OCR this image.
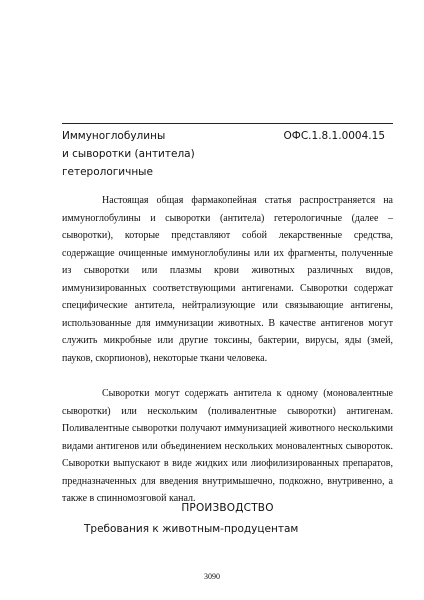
Иммуноглобулины
и сыворотки (антитела)
гетерологичные
ОФС.1.8.1.0004.15

Настоящая общая фармакопейная статья распространяется на иммуноглобулины и сыворотки (антитела) гетерологичные (далее – сыворотки), которые представляют собой лекарственные средства, содержащие очищенные иммуноглобулины или их фрагменты, полученные из сыворотки или плазмы крови животных различных видов, иммунизированных соответствующими антигенами. Сыворотки содержат специфические антитела, нейтрализующие или связывающие антигены, использованные для иммунизации животных. В качестве антигенов могут служить микробные или другие токсины, бактерии, вирусы, яды (змей, пауков, скорпионов), некоторые ткани человека.

Сыворотки могут содержать антитела к одному (моновалентные сыворотки) или нескольким (поливалентные сыворотки) антигенам. Поливалентные сыворотки получают иммунизацией животного несколькими видами антигенов или объединением нескольких моновалентных сывороток. Сыворотки выпускают в виде жидких или лиофилизированных препаратов, предназначенных для введения внутримышечно, подкожно, внутривенно, а также в спинномозговой канал.

ПРОИЗВОДСТВО
Требования к животным-продуцентам
3090
